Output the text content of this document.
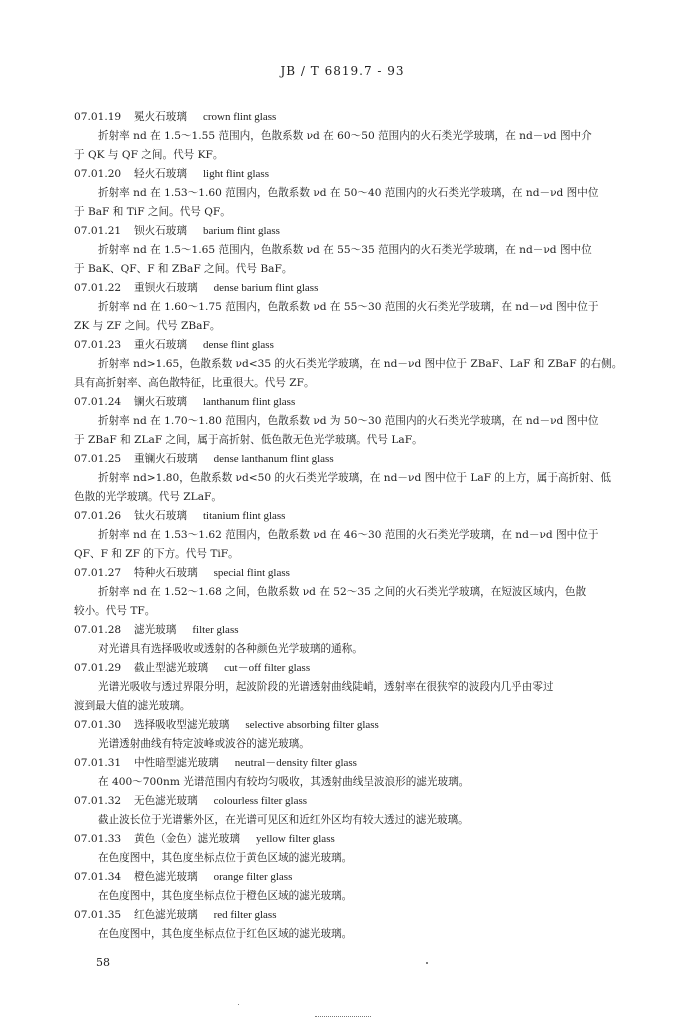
JB / T 6819.7 - 93
07.01.19 冕火石玻璃 crown flint glass
折射率 nd 在 1.5～1.55 范围内，色散系数 νd 在 60～50 范围内的火石类光学玻璃，在 nd－νd 图中介
于 QK 与 QF 之间。代号 KF。
07.01.20 轻火石玻璃 light flint glass
折射率 nd 在 1.53～1.60 范围内，色散系数 νd 在 50～40 范围内的火石类光学玻璃，在 nd－νd 图中位
于 BaF 和 TiF 之间。代号 QF。
07.01.21 钡火石玻璃 barium flint glass
折射率 nd 在 1.5～1.65 范围内，色散系数 νd 在 55～35 范围内的火石类光学玻璃，在 nd－νd 图中位
于 BaK、QF、F 和 ZBaF 之间。代号 BaF。
07.01.22 重钡火石玻璃 dense barium flint glass
折射率 nd 在 1.60～1.75 范围内，色散系数 νd 在 55～30 范围的火石类光学玻璃，在 nd－νd 图中位于
ZK 与 ZF 之间。代号 ZBaF。
07.01.23 重火石玻璃 dense flint glass
折射率 nd>1.65，色散系数 νd<35 的火石类光学玻璃，在 nd－νd 图中位于 ZBaF、LaF 和 ZBaF 的右侧。
具有高折射率、高色散特征，比重很大。代号 ZF。
07.01.24 镧火石玻璃 lanthanum flint glass
折射率 nd 在 1.70～1.80 范围内，色散系数 νd 为 50～30 范围内的火石类光学玻璃，在 nd－νd 图中位
于 ZBaF 和 ZLaF 之间，属于高折射、低色散无色光学玻璃。代号 LaF。
07.01.25 重镧火石玻璃 dense lanthanum flint glass
折射率 nd>1.80，色散系数 νd<50 的火石类光学玻璃，在 nd－νd 图中位于 LaF 的上方，属于高折射、低
色散的光学玻璃。代号 ZLaF。
07.01.26 钛火石玻璃 titanium flint glass
折射率 nd 在 1.53～1.62 范围内，色散系数 νd 在 46～30 范围的火石类光学玻璃，在 nd－νd 图中位于
QF、F 和 ZF 的下方。代号 TiF。
07.01.27 特种火石玻璃 special flint glass
折射率 nd 在 1.52～1.68 之间，色散系数 νd 在 52～35 之间的火石类光学玻璃，在短波区域内，色散
较小。代号 TF。
07.01.28 滤光玻璃 filter glass
对光谱具有选择吸收或透射的各种颜色光学玻璃的通称。
07.01.29 截止型滤光玻璃 cut－off filter glass
光谱光吸收与透过界限分明，起波阶段的光谱透射曲线陡峭，透射率在很狭窄的波段内几乎由零过
渡到最大值的滤光玻璃。
07.01.30 选择吸收型滤光玻璃 selective absorbing filter glass
光谱透射曲线有特定波峰或波谷的滤光玻璃。
07.01.31 中性暗型滤光玻璃 neutral－density filter glass
在 400～700nm 光谱范围内有较均匀吸收，其透射曲线呈波浪形的滤光玻璃。
07.01.32 无色滤光玻璃 colourless filter glass
截止波长位于光谱紫外区，在光谱可见区和近红外区均有较大透过的滤光玻璃。
07.01.33 黄色（金色）滤光玻璃 yellow filter glass
在色度图中，其色度坐标点位于黄色区域的滤光玻璃。
07.01.34 橙色滤光玻璃 orange filter glass
在色度图中，其色度坐标点位于橙色区域的滤光玻璃。
07.01.35 红色滤光玻璃 red filter glass
在色度图中，其色度坐标点位于红色区域的滤光玻璃。
58
